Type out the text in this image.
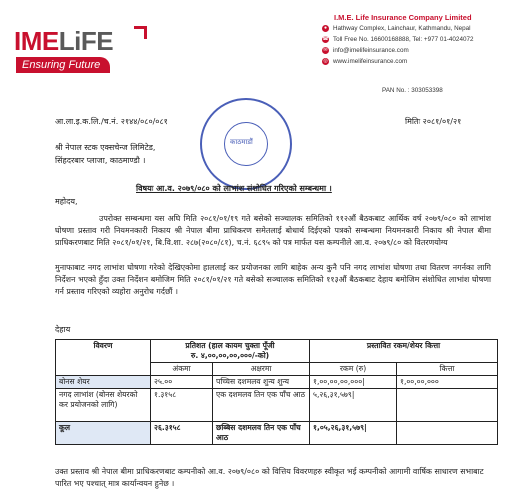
IMELiFE
Ensuring Future
I.M.E. Life Insurance Company Limited
● Hathway Complex, Lainchaur, Kathmandu, Nepal
☎ Toll Free No. 16600168888, Tel: +977 01-4024072
✉ info@imelifeinsurance.com
◎ www.imelifeinsurance.com
PAN No. : 303053398
आ.ला.इ.क.लि./च.नं. २१४४/०८०/०८१	मितिः २०८१/०१/२१
काठमाडौं
श्री नेपाल स्टक एक्सचेन्ज लिमिटेड,
सिंहदरबार प्लाजा, काठमाण्डौ ।
विषयः आ.व. २०७९/०८० को लाभांश संशोधित गरिएको सम्बन्धमा ।
महोदय,
उपरोक्त सम्बन्धमा यस अघि मिति २०८१/०१/१९ गते बसेको सञ्चालक समितिको ११२औं बैठकबाट आर्थिक वर्ष २०७९/०८० को लाभांश घोषणा प्रस्ताव गरी नियमनकारी निकाय श्री नेपाल बीमा प्राधिकरण समेतलाई बोधार्थ दिईएको पत्रको सम्बन्धमा नियमनकारी निकाय श्री नेपाल बीमा प्राधिकरणबाट मिति २०८१/०१/२१, बि.वि.शा. २८७(२०८०/८१), च.नं. ६८९५ को पत्र मार्फत यस कम्पनीले आ.व. २०७९/८० को वितरणयोग्य
मुनाफाबाट नगद लाभांश घोषणा गरेको देखिएकोमा हाललाई कर प्रयोजनका लागि बाहेक अन्य कुनै पनि नगद लाभांश घोषणा तथा वितरण नगर्नका लागि निर्देशन भएको हुँदा उक्त निर्देशन बमोजिम मिति २०८१/०१/२१ गते बसेको सञ्चालक समितिको ११३औं बैठकबाट देहाय बमोजिम संशोधित लाभांश घोषणा गर्न प्रस्ताव गरिएको व्यहोरा अनुरोध गर्दछौं ।
देहाय
विवरण	प्रतिशत (हाल कायम चुक्ता पूँजी
रु. ४,००,००,००,०००/-को)		प्रस्तावित रकम/शेयर कित्ता	
	अंकमा	अक्षरमा	रकम (रु)	कित्ता
बोनस शेयर	२५.००	पच्चिस दशमलव शुन्य शुन्य	१,००,००,००,०००|	१,००,००,०००
नगद लाभांश (बोनस शेयरको कर प्रयोजनको लागि)	१.३१५८	एक दशमलव तिन एक पाँच आठ	५,२६,३१,५७९|	
कूल	२६.३१५८	छब्बिस दशमलव तिन एक पाँच आठ	१,०५,२६,३१,५७९|	
उक्त प्रस्ताव श्री नेपाल बीमा प्राधिकरणबाट कम्पनीको आ.व. २०७९/०८० को वित्तिय विवरणहरु स्वीकृत भई कम्पनीको आगामी वार्षिक साधारण सभाबाट पारित भए पश्चात् मात्र कार्यान्वयन हुनेछ ।
